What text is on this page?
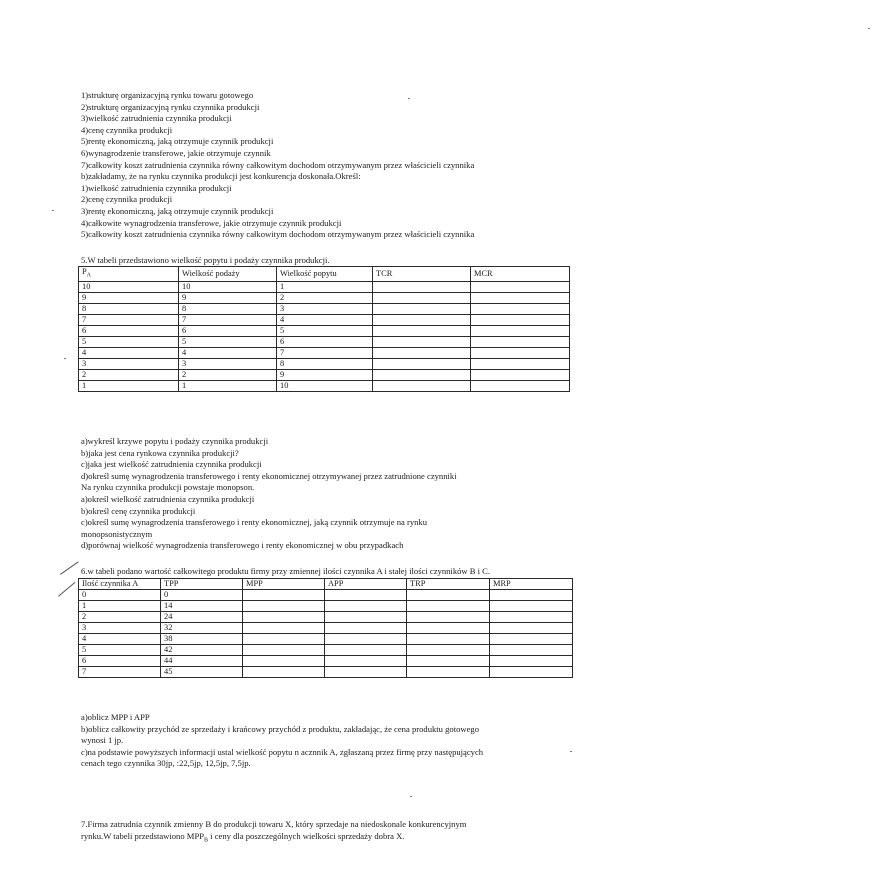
1)strukturę organizacyjną rynku towaru gotowego
2)strukturę organizacyjną rynku czynnika produkcji
3)wielkość zatrudnienia czynnika produkcji
4)cenę czynnika produkcji
5)rentę ekonomiczną, jaką otrzymuje czynnik produkcji
6)wynagrodzenie transferowe, jakie otrzymuje czynnik
7)całkowity koszt zatrudnienia czynnika równy całkowitym dochodom otrzymywanym przez właścicieli czynnika
b)zakładamy, że na rynku czynnika produkcji jest konkurencja doskonała.Określ:
1)wielkość zatrudnienia czynnika produkcji
2)cenę czynnika produkcji
3)rentę ekonomiczną, jaką otrzymuje czynnik produkcji
4)całkowite wynagrodzenia transferowe, jakie otrzymuje czynnik produkcji
5)całkowity koszt zatrudnienia czynnika równy całkowitym dochodom otrzymywanym przez właścicieli czynnika
5.W tabeli przedstawiono wielkość popytu i podaży czynnika produkcji.
$P_A$	Wielkość podaży	Wielkość popytu	TCR	MCR
10	10	1		
9	9	2		
8	8	3		
7	7	4		
6	6	5		
5	5	6		
4	4	7		
3	3	8		
2	2	9		
1	1	10		
a)wykreśl krzywe popytu i podaży czynnika produkcji
b)jaka jest cena rynkowa czynnika produkcji?
c)jaka jest wielkość zatrudnienia czynnika produkcji
d)określ sumę wynagrodzenia transferowego i renty ekonomicznej otrzymywanej przez zatrudnione czynniki
Na rynku czynnika produkcji powstaje monopson.
a)określ wielkość zatrudnienia czynnika produkcji
b)określ cenę czynnika produkcji
c)określ sumę wynagrodzenia transferowego i renty ekonomicznej, jaką czynnik otrzymuje na rynku
monopsonistycznym
d)porównaj wielkość wynagrodzenia transferowego i renty ekonomicznej w obu przypadkach
6.w tabeli podano wartość całkowitego produktu firmy przy zmiennej ilości czynnika A i stałej ilości czynników B i C.
Ilość czynnika A	TPP	MPP	APP	TRP	MRP
0	0				
1	14				
2	24				
3	32				
4	38				
5	42				
6	44				
7	45				
a)oblicz MPP i APP
b)oblicz całkowity przychód ze sprzedaży i krańcowy przychód z produktu, zakładając, że cena produktu gotowego
wynosi 1 jp.
c)na podstawie powyższych informacji ustal wielkość popytu n acznnik A, zgłaszaną przez firmę przy następujących
cenach tego czynnika 30jp, :22,5jp, 12,5jp, 7,5jp.
7.Firma zatrudnia czynnik zmienny B do produkcji towaru X, który sprzedaje na niedoskonale konkurencyjnym
rynku.W tabeli przedstawiono $MPP_B$ i ceny dla poszczególnych wielkości sprzedaży dobra X.
